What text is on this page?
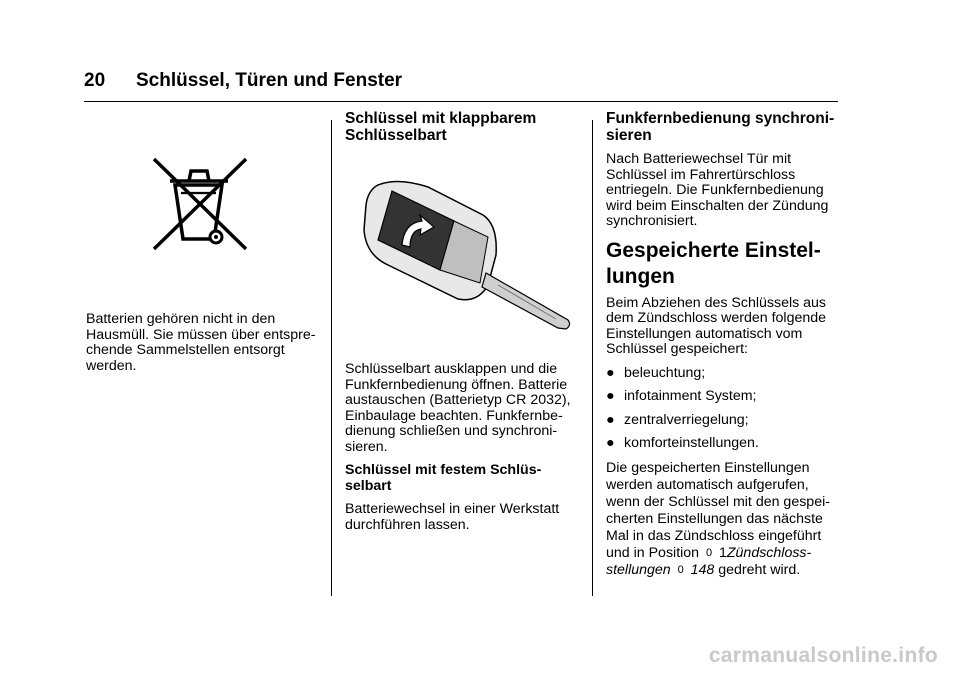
20 Schlüssel, Türen und Fenster

Batterien gehören nicht in den Hausmüll. Sie müssen über entspre-chende Sammelstellen entsorgt werden.

Schlüssel mit klappbarem Schlüsselbart

Schlüsselbart ausklappen und die Funkfernbedienung öffnen. Batterie austauschen (Batterietyp CR 2032), Einbaulage beachten. Funkfernbe-dienung schließen und synchroni-sieren.

Schlüssel mit festem Schlüs-selbart

Batteriewechsel in einer Werkstatt durchführen lassen.

Funkfernbedienung synchroni-sieren

Nach Batteriewechsel Tür mit Schlüssel im Fahrertürschloss entriegeln. Die Funkfernbedienung wird beim Einschalten der Zündung synchronisiert.

Gespeicherte Einstel-lungen

Beim Abziehen des Schlüssels aus dem Zündschloss werden folgende Einstellungen automatisch vom Schlüssel gespeichert:

● beleuchtung;
● infotainment System;
● zentralverriegelung;
● komforteinstellungen.

Die gespeicherten Einstellungen werden automatisch aufgerufen, wenn der Schlüssel mit den gespei-cherten Einstellungen das nächste Mal in das Zündschloss eingeführt und in Position 0 1Zündschloss-stellungen 0 148 gedreht wird.

carmanualsonline.info
